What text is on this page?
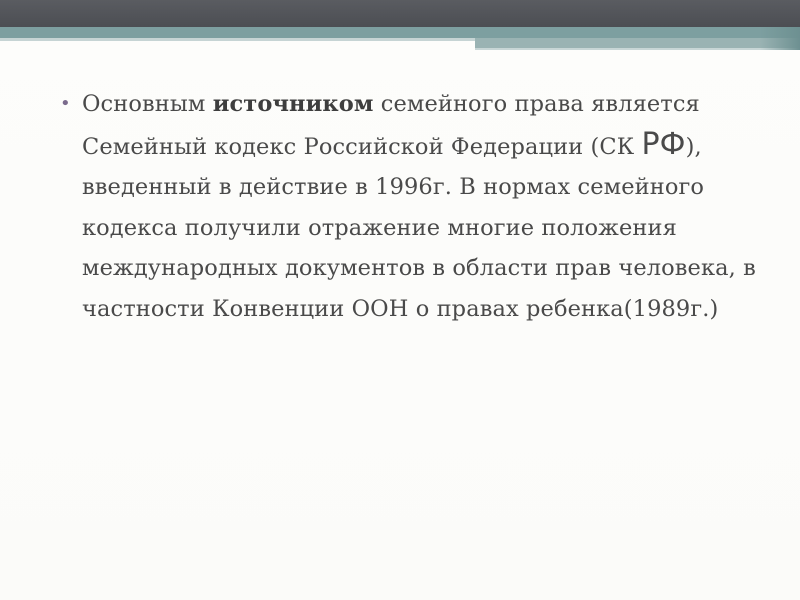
• Основным источником семейного права является Семейный кодекс Российской Федерации (СК РФ), введенный в действие в 1996г. В нормах семейного кодекса получили отражение многие положения международных документов в области прав человека, в частности Конвенции ООН о правах ребенка(1989г.)
